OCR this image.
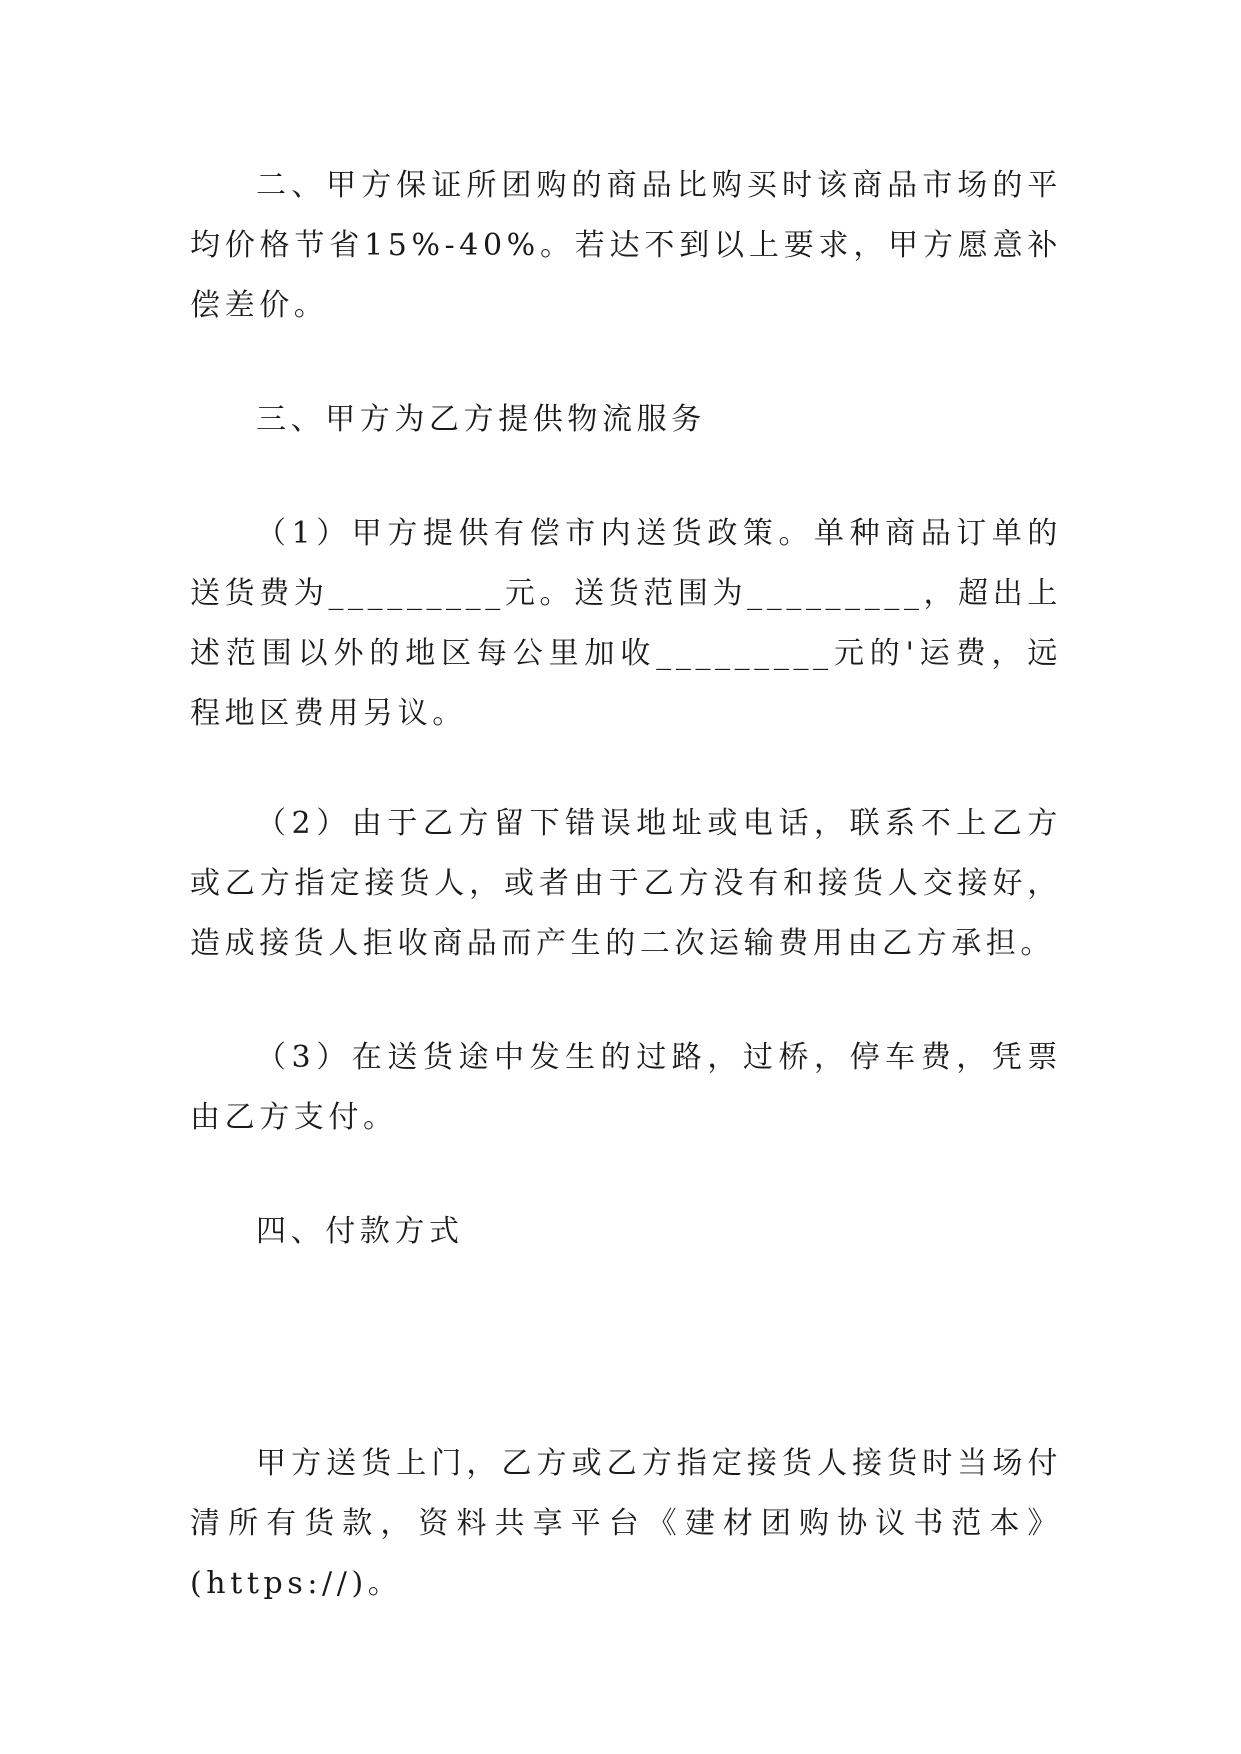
二、甲方保证所团购的商品比购买时该商品市场的平均价格节省15%-40%。若达不到以上要求，甲方愿意补偿差价。

三、甲方为乙方提供物流服务

（1）甲方提供有偿市内送货政策。单种商品订单的送货费为_________元。送货范围为_________，超出上述范围以外的地区每公里加收_________元的'运费，远程地区费用另议。

（2）由于乙方留下错误地址或电话，联系不上乙方或乙方指定接货人，或者由于乙方没有和接货人交接好，造成接货人拒收商品而产生的二次运输费用由乙方承担。

（3）在送货途中发生的过路，过桥，停车费，凭票由乙方支付。

四、付款方式

甲方送货上门，乙方或乙方指定接货人接货时当场付清所有货款，资料共享平台《建材团购协议书范本》(https://)。
